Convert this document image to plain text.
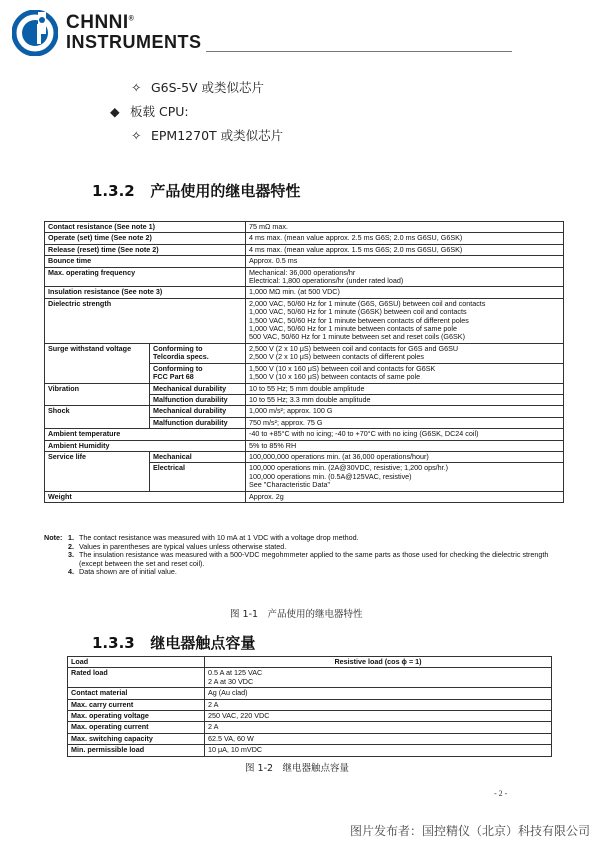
CHNNI®
INSTRUMENTS
✧ G6S-5V 或类似芯片
◆ 板载 CPU:
✧ EPM1270T 或类似芯片
1.3.2 产品使用的继电器特性
Contact resistance (See note 1)		75 mΩ max.
Operate (set) time (See note 2)		4 ms max. (mean value approx. 2.5 ms G6S; 2.0 ms G6SU, G6SK)
Release (reset) time (See note 2)		4 ms max. (mean value approx. 1.5 ms G6S; 2.0 ms G6SU, G6SK)
Bounce time		Approx. 0.5 ms
Max. operating frequency		Mechanical: 36,000 operations/hr
Electrical: 1,800 operations/hr (under rated load)
Insulation resistance (See note 3)		1,000 MΩ min. (at 500 VDC)
Dielectric strength		2,000 VAC, 50/60 Hz for 1 minute (G6S, G6SU) between coil and contacts
1,000 VAC, 50/60 Hz for 1 minute (G6SK) between coil and contacts
1,500 VAC, 50/60 Hz for 1 minute between contacts of different poles
1,000 VAC, 50/60 Hz for 1 minute between contacts of same pole
500 VAC, 50/60 Hz for 1 minute between set and reset coils (G6SK)
Surge withstand voltage	Conforming to
Telcordia specs.	2,500 V (2 x 10 μS) between coil and contacts for G6S and G6SU
2,500 V (2 x 10 μS) between contacts of different poles
	Conforming to
FCC Part 68	1,500 V (10 x 160 μS) between coil and contacts for G6SK
1,500 V (10 x 160 μS) between contacts of same pole
Vibration	Mechanical durability	10 to 55 Hz; 5 mm double amplitude
	Malfunction durability	10 to 55 Hz; 3.3 mm double amplitude
Shock	Mechanical durability	1,000 m/s²; approx. 100 G
	Malfunction durability	750 m/s²; approx. 75 G
Ambient temperature		-40 to +85°C with no icing; -40 to +70°C with no icing (G6SK, DC24 coil)
Ambient Humidity		5% to 85% RH
Service life	Mechanical	100,000,000 operations min. (at 36,000 operations/hour)
	Electrical	100,000 operations min. (2A@30VDC, resistive; 1,200 ops/hr.)
100,000 operations min. (0.5A@125VAC, resistive)
See "Characteristic Data"
Weight		Approx. 2g
Note: 1. The contact resistance was measured with 10 mA at 1 VDC with a voltage drop method.
2. Values in parentheses are typical values unless otherwise stated.
3. The insulation resistance was measured with a 500-VDC megohmmeter applied to the same parts as those used for checking the dielectric strength (except between the set and reset coil).
4. Data shown are of initial value.
图 1-1　产品使用的继电器特性
1.3.3 继电器触点容量
Load	Resistive load (cos ϕ = 1)
Rated load	0.5 A at 125 VAC
2 A at 30 VDC
Contact material	Ag (Au clad)
Max. carry current	2 A
Max. operating voltage	250 VAC, 220 VDC
Max. operating current	2 A
Max. switching capacity	62.5 VA, 60 W
Min. permissible load	10 μA, 10 mVDC
图 1-2　继电器触点容量
- 2 -
图片发布者：国控精仪（北京）科技有限公司
